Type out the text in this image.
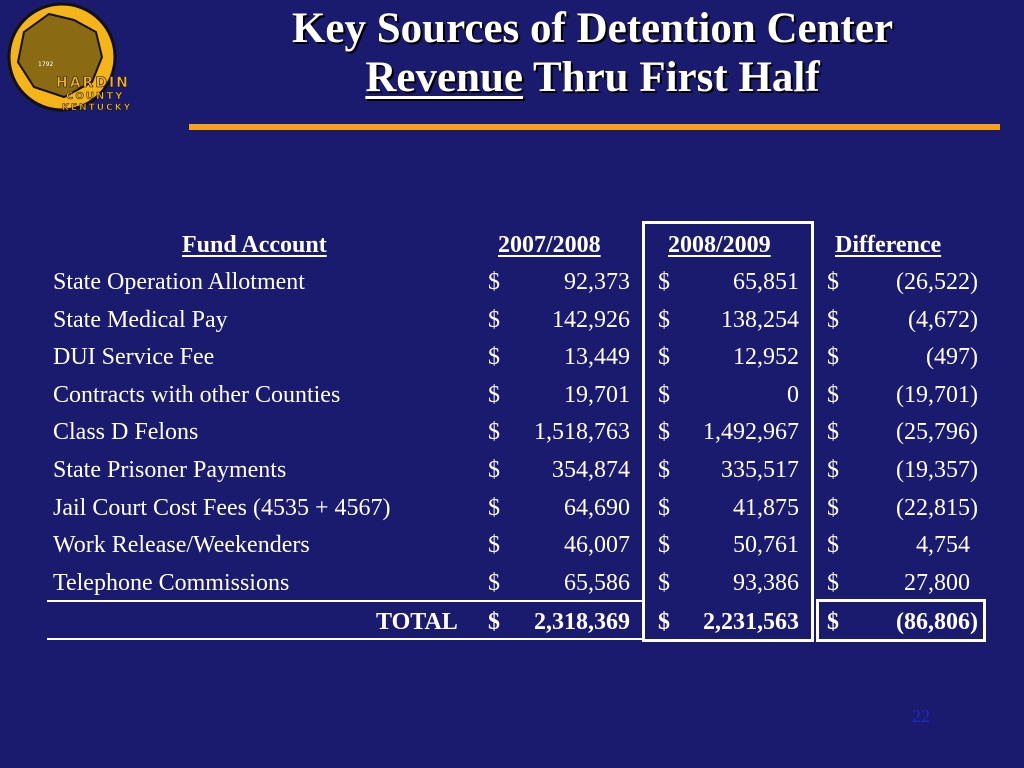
1792
HARDIN
COUNTY
KENTUCKY
Key Sources of Detention Center
Revenue Thru First Half
Fund Account	2007/2008	2008/2009	Difference
State Operation Allotment	$	92,373 $	65,851 $	(26,522)
State Medical Pay	$	142,926 $	138,254 $	(4,672)
DUI Service Fee	$	13,449 $	12,952 $	(497)
Contracts with other Counties	$	19,701 $	0 $	(19,701)
Class D Felons	$	1,518,763 $	1,492,967 $	(25,796)
State Prisoner Payments	$	354,874 $	335,517 $	(19,357)
Jail Court Cost Fees (4535 + 4567)	$	64,690 $	41,875 $	(22,815)
Work Release/Weekenders	$	46,007 $	50,761 $	4,754
Telephone Commissions	$	65,586 $	93,386 $	27,800
TOTAL $	2,318,369 $	2,231,563 $	(86,806)
22
